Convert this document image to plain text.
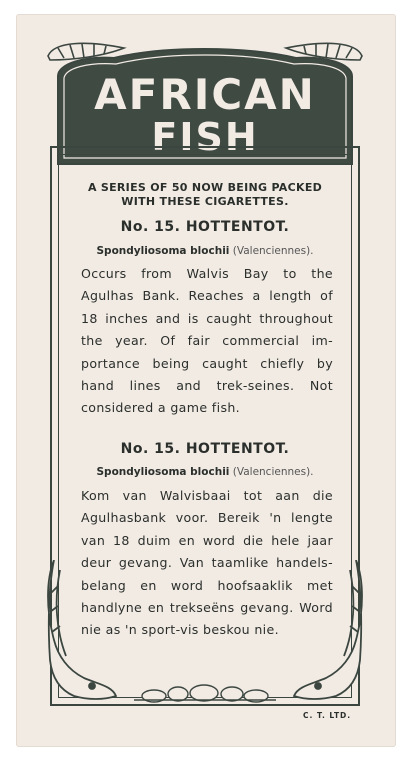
AFRICAN
FISH
A SERIES OF 50 NOW BEING PACKED
WITH THESE CIGARETTES.
No. 15. HOTTENTOT.
Spondyliosoma blochii (Valenciennes).
Occurs from Walvis Bay to the
Agulhas Bank. Reaches a length of
18 inches and is caught throughout
the year. Of fair commercial im-
portance being caught chiefly by
hand lines and trek-seines. Not
considered a game fish.
No. 15. HOTTENTOT.
Spondyliosoma blochii (Valenciennes).
Kom van Walvisbaai tot aan die
Agulhasbank voor. Bereik 'n lengte
van 18 duim en word die hele jaar
deur gevang. Van taamlike handels-
belang en word hoofsaaklik met
handlyne en trekseëns gevang. Word
nie as 'n sport-vis beskou nie.
C. T. LTD.
